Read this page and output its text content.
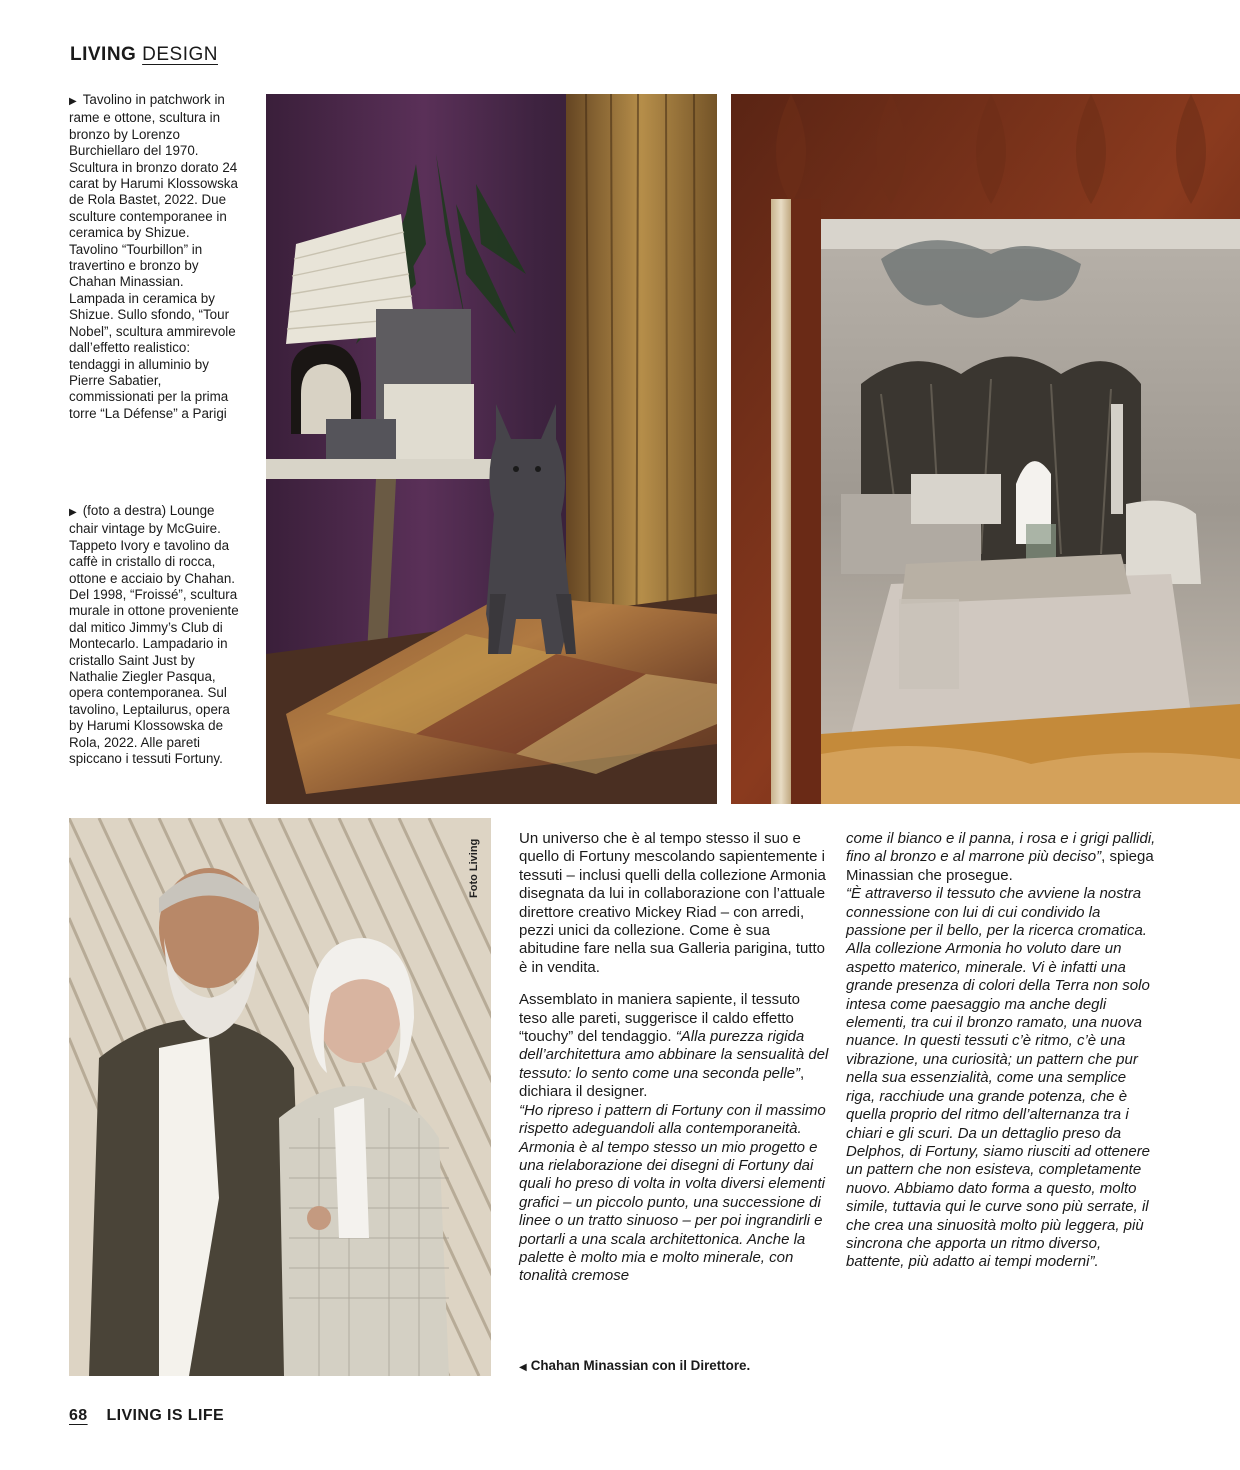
LIVING DESIGN
▶ Tavolino in patchwork in rame e ottone, scultura in bronzo by Lorenzo Burchiellaro del 1970. Scultura in bronzo dorato 24 carat by Harumi Klossowska de Rola Bastet, 2022. Due sculture contemporanee in ceramica by Shizue. Tavolino “Tourbillon” in travertino e bronzo by Chahan Minassian. Lampada in ceramica by Shizue. Sullo sfondo, “Tour Nobel”, scultura ammirevole dall’effetto realistico: tendaggi in alluminio by Pierre Sabatier, commissionati per la prima torre “La Défense” a Parigi
▶ (foto a destra) Lounge chair vintage by McGuire. Tappeto Ivory e tavolino da caffè in cristallo di rocca, ottone e acciaio by Chahan. Del 1998, “Froissé”, scultura murale in ottone proveniente dal mitico Jimmy’s Club di Montecarlo. Lampadario in cristallo Saint Just by Nathalie Ziegler Pasqua, opera contemporanea. Sul tavolino, Leptailurus, opera by Harumi Klossowska de Rola, 2022. Alle pareti spiccano i tessuti Fortuny.
Foto Living

Un universo che è al tempo stesso il suo e quello di Fortuny mescolando sapientemente i tessuti – inclusi quelli della collezione Armonia disegnata da lui in collaborazione con l’attuale direttore creativo Mickey Riad – con arredi, pezzi unici da collezione. Come è sua abitudine fare nella sua Galleria parigina, tutto è in vendita.

Assemblato in maniera sapiente, il tessuto teso alle pareti, suggerisce il caldo effetto “touchy” del tendaggio. “Alla purezza rigida dell’architettura amo abbinare la sensualità del tessuto: lo sento come una seconda pelle”, dichiara il designer.
“Ho ripreso i pattern di Fortuny con il massimo rispetto adeguandoli alla contemporaneità. Armonia è al tempo stesso un mio progetto e una rielaborazione dei disegni di Fortuny dai quali ho preso di volta in volta diversi elementi grafici – un piccolo punto, una successione di linee o un tratto sinuoso – per poi ingrandirli e portarli a una scala architettonica. Anche la palette è molto mia e molto minerale, con tonalità cremose

come il bianco e il panna, i rosa e i grigi pallidi, fino al bronzo e al marrone più deciso”, spiega Minassian che prosegue.
“È attraverso il tessuto che avviene la nostra connessione con lui di cui condivido la passione per il bello, per la ricerca cromatica. Alla collezione Armonia ho voluto dare un aspetto materico, minerale. Vi è infatti una grande presenza di colori della Terra non solo intesa come paesaggio ma anche degli elementi, tra cui il bronzo ramato, una nuova nuance. In questi tessuti c’è ritmo, c’è una vibrazione, una curiosità; un pattern che pur nella sua essenzialità, come una semplice riga, racchiude una grande potenza, che è quella proprio del ritmo dell’alternanza tra i chiari e gli scuri. Da un dettaglio preso da Delphos, di Fortuny, siamo riusciti ad ottenere un pattern che non esisteva, completamente nuovo. Abbiamo dato forma a questo, molto simile, tuttavia qui le curve sono più serrate, il che crea una sinuosità molto più leggera, più sincrona che apporta un ritmo diverso, battente, più adatto ai tempi moderni”.

◀ Chahan Minassian con il Direttore.
68 LIVING IS LIFE
